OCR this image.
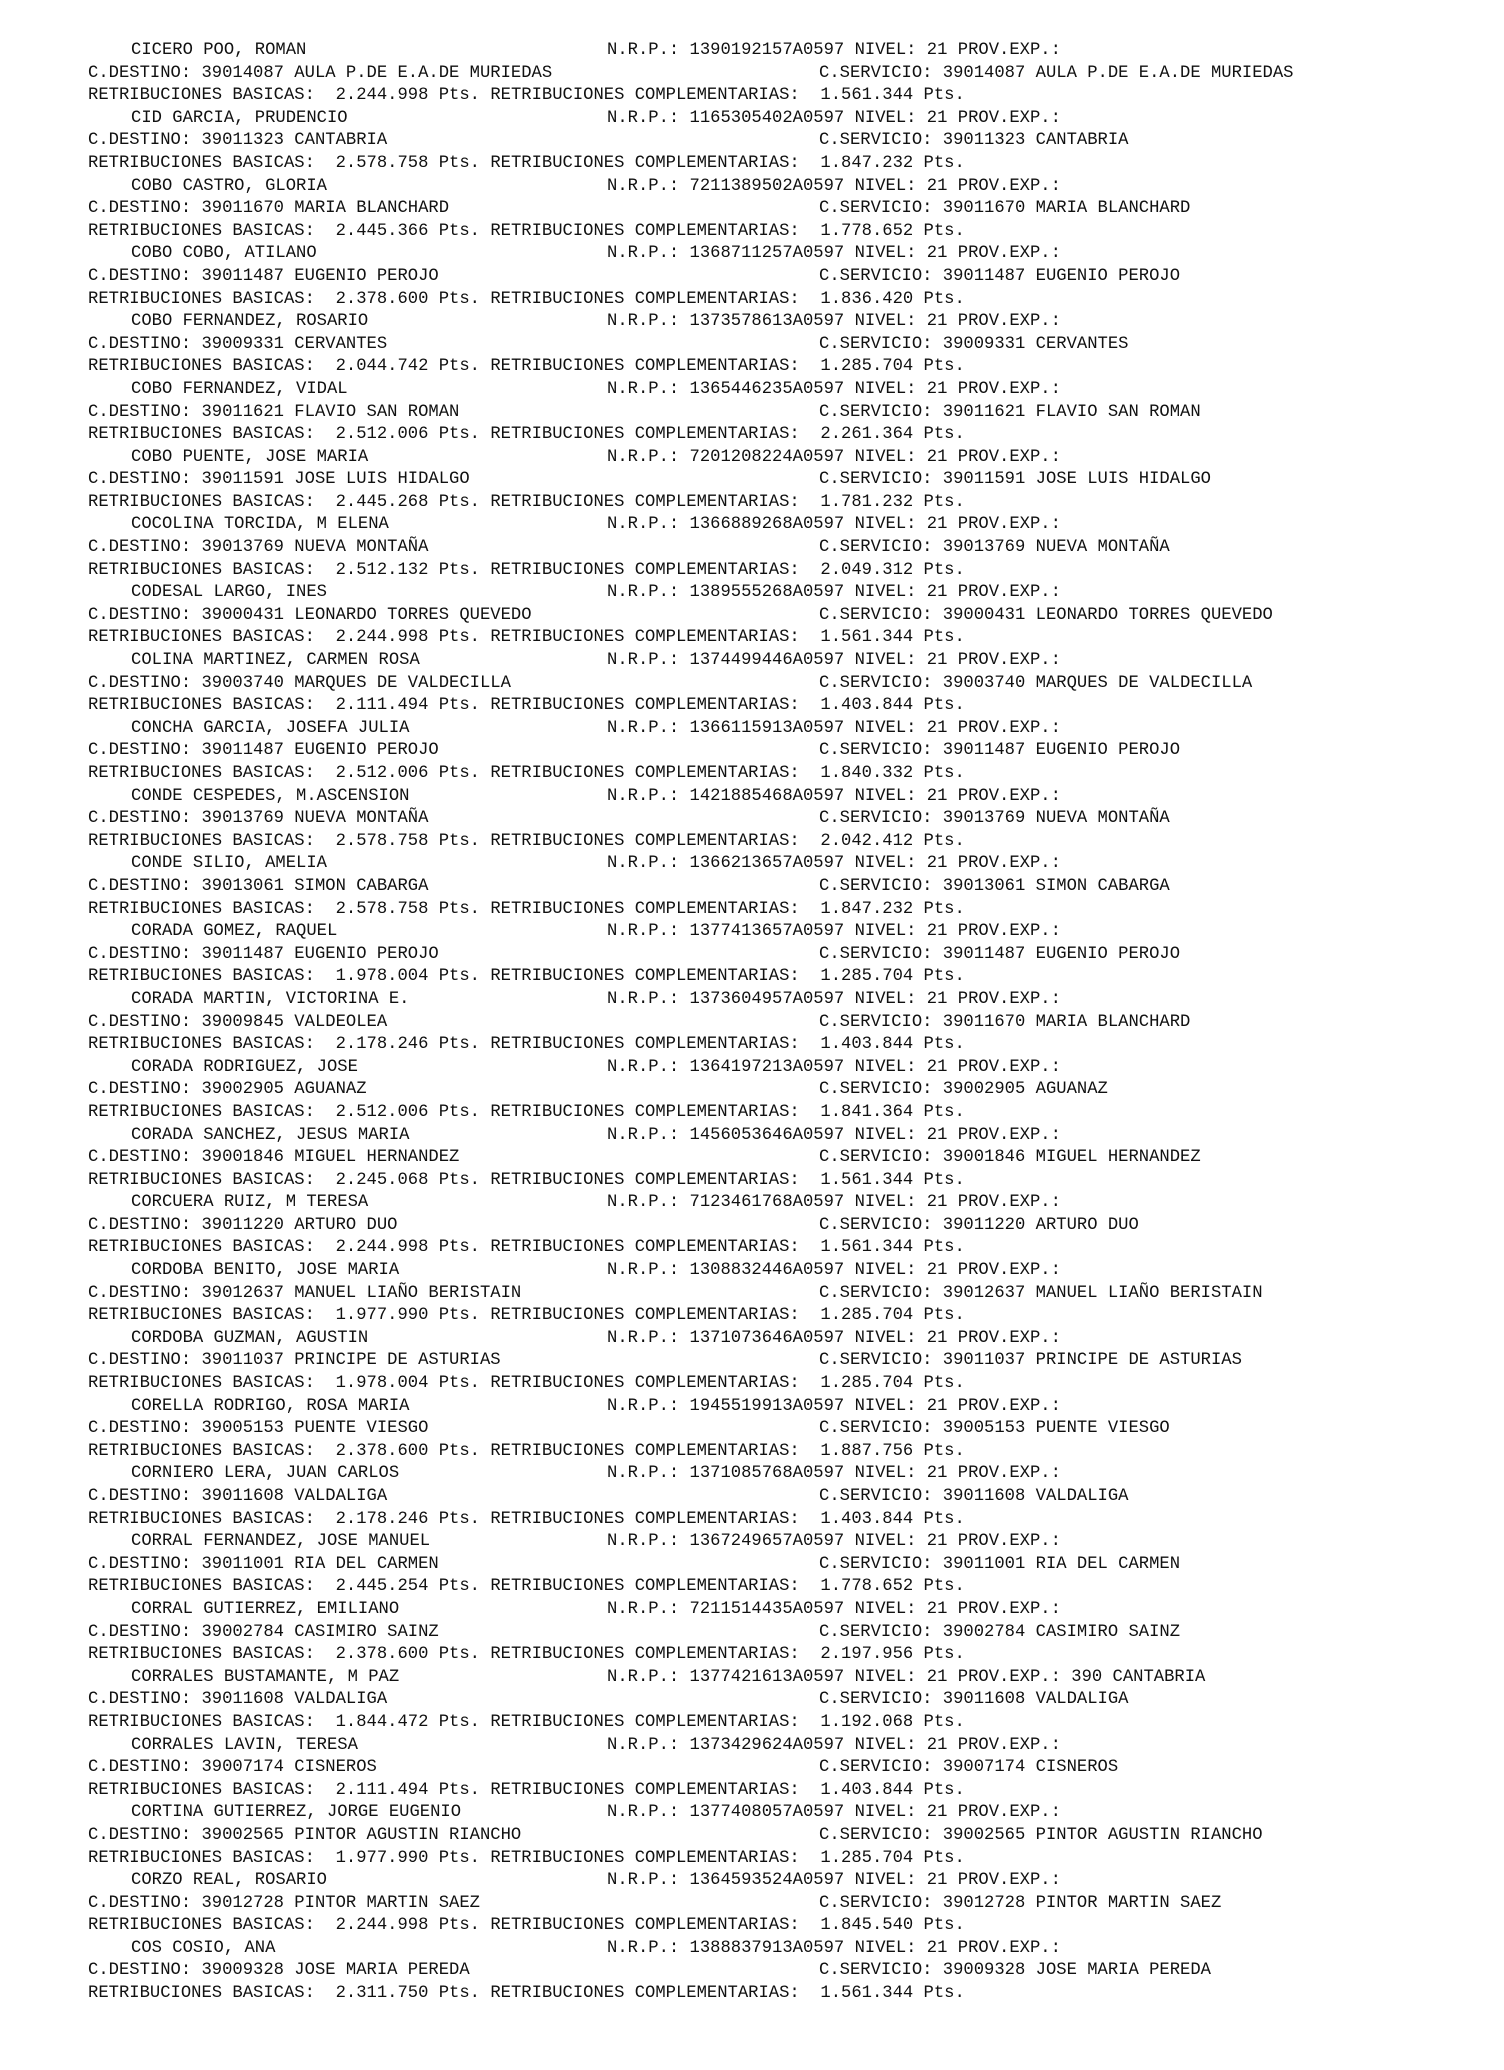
CICERO POO, ROMAN	N.R.P.: 1390192157A0597 NIVEL: 21 PROV.EXP.:
C.DESTINO: 39014087 AULA P.DE E.A.DE MURIEDAS	C.SERVICIO: 39014087 AULA P.DE E.A.DE MURIEDAS
RETRIBUCIONES BASICAS: 2.244.998 Pts. RETRIBUCIONES COMPLEMENTARIAS: 1.561.344 Pts.
CID GARCIA, PRUDENCIO	N.R.P.: 1165305402A0597 NIVEL: 21 PROV.EXP.:
C.DESTINO: 39011323 CANTABRIA	C.SERVICIO: 39011323 CANTABRIA
RETRIBUCIONES BASICAS: 2.578.758 Pts. RETRIBUCIONES COMPLEMENTARIAS: 1.847.232 Pts.
COBO CASTRO, GLORIA	N.R.P.: 7211389502A0597 NIVEL: 21 PROV.EXP.:
C.DESTINO: 39011670 MARIA BLANCHARD	C.SERVICIO: 39011670 MARIA BLANCHARD
RETRIBUCIONES BASICAS: 2.445.366 Pts. RETRIBUCIONES COMPLEMENTARIAS: 1.778.652 Pts.
COBO COBO, ATILANO	N.R.P.: 1368711257A0597 NIVEL: 21 PROV.EXP.:
C.DESTINO: 39011487 EUGENIO PEROJO	C.SERVICIO: 39011487 EUGENIO PEROJO
RETRIBUCIONES BASICAS: 2.378.600 Pts. RETRIBUCIONES COMPLEMENTARIAS: 1.836.420 Pts.
COBO FERNANDEZ, ROSARIO	N.R.P.: 1373578613A0597 NIVEL: 21 PROV.EXP.:
C.DESTINO: 39009331 CERVANTES	C.SERVICIO: 39009331 CERVANTES
RETRIBUCIONES BASICAS: 2.044.742 Pts. RETRIBUCIONES COMPLEMENTARIAS: 1.285.704 Pts.
COBO FERNANDEZ, VIDAL	N.R.P.: 1365446235A0597 NIVEL: 21 PROV.EXP.:
C.DESTINO: 39011621 FLAVIO SAN ROMAN	C.SERVICIO: 39011621 FLAVIO SAN ROMAN
RETRIBUCIONES BASICAS: 2.512.006 Pts. RETRIBUCIONES COMPLEMENTARIAS: 2.261.364 Pts.
COBO PUENTE, JOSE MARIA	N.R.P.: 7201208224A0597 NIVEL: 21 PROV.EXP.:
C.DESTINO: 39011591 JOSE LUIS HIDALGO	C.SERVICIO: 39011591 JOSE LUIS HIDALGO
RETRIBUCIONES BASICAS: 2.445.268 Pts. RETRIBUCIONES COMPLEMENTARIAS: 1.781.232 Pts.
COCOLINA TORCIDA, M ELENA	N.R.P.: 1366889268A0597 NIVEL: 21 PROV.EXP.:
C.DESTINO: 39013769 NUEVA MONTAÑA	C.SERVICIO: 39013769 NUEVA MONTAÑA
RETRIBUCIONES BASICAS: 2.512.132 Pts. RETRIBUCIONES COMPLEMENTARIAS: 2.049.312 Pts.
CODESAL LARGO, INES	N.R.P.: 1389555268A0597 NIVEL: 21 PROV.EXP.:
C.DESTINO: 39000431 LEONARDO TORRES QUEVEDO	C.SERVICIO: 39000431 LEONARDO TORRES QUEVEDO
RETRIBUCIONES BASICAS: 2.244.998 Pts. RETRIBUCIONES COMPLEMENTARIAS: 1.561.344 Pts.
COLINA MARTINEZ, CARMEN ROSA	N.R.P.: 1374499446A0597 NIVEL: 21 PROV.EXP.:
C.DESTINO: 39003740 MARQUES DE VALDECILLA	C.SERVICIO: 39003740 MARQUES DE VALDECILLA
RETRIBUCIONES BASICAS: 2.111.494 Pts. RETRIBUCIONES COMPLEMENTARIAS: 1.403.844 Pts.
CONCHA GARCIA, JOSEFA JULIA	N.R.P.: 1366115913A0597 NIVEL: 21 PROV.EXP.:
C.DESTINO: 39011487 EUGENIO PEROJO	C.SERVICIO: 39011487 EUGENIO PEROJO
RETRIBUCIONES BASICAS: 2.512.006 Pts. RETRIBUCIONES COMPLEMENTARIAS: 1.840.332 Pts.
CONDE CESPEDES, M.ASCENSION	N.R.P.: 1421885468A0597 NIVEL: 21 PROV.EXP.:
C.DESTINO: 39013769 NUEVA MONTAÑA	C.SERVICIO: 39013769 NUEVA MONTAÑA
RETRIBUCIONES BASICAS: 2.578.758 Pts. RETRIBUCIONES COMPLEMENTARIAS: 2.042.412 Pts.
CONDE SILIO, AMELIA	N.R.P.: 1366213657A0597 NIVEL: 21 PROV.EXP.:
C.DESTINO: 39013061 SIMON CABARGA	C.SERVICIO: 39013061 SIMON CABARGA
RETRIBUCIONES BASICAS: 2.578.758 Pts. RETRIBUCIONES COMPLEMENTARIAS: 1.847.232 Pts.
CORADA GOMEZ, RAQUEL	N.R.P.: 1377413657A0597 NIVEL: 21 PROV.EXP.:
C.DESTINO: 39011487 EUGENIO PEROJO	C.SERVICIO: 39011487 EUGENIO PEROJO
RETRIBUCIONES BASICAS: 1.978.004 Pts. RETRIBUCIONES COMPLEMENTARIAS: 1.285.704 Pts.
CORADA MARTIN, VICTORINA E.	N.R.P.: 1373604957A0597 NIVEL: 21 PROV.EXP.:
C.DESTINO: 39009845 VALDEOLEA	C.SERVICIO: 39011670 MARIA BLANCHARD
RETRIBUCIONES BASICAS: 2.178.246 Pts. RETRIBUCIONES COMPLEMENTARIAS: 1.403.844 Pts.
CORADA RODRIGUEZ, JOSE	N.R.P.: 1364197213A0597 NIVEL: 21 PROV.EXP.:
C.DESTINO: 39002905 AGUANAZ	C.SERVICIO: 39002905 AGUANAZ
RETRIBUCIONES BASICAS: 2.512.006 Pts. RETRIBUCIONES COMPLEMENTARIAS: 1.841.364 Pts.
CORADA SANCHEZ, JESUS MARIA	N.R.P.: 1456053646A0597 NIVEL: 21 PROV.EXP.:
C.DESTINO: 39001846 MIGUEL HERNANDEZ	C.SERVICIO: 39001846 MIGUEL HERNANDEZ
RETRIBUCIONES BASICAS: 2.245.068 Pts. RETRIBUCIONES COMPLEMENTARIAS: 1.561.344 Pts.
CORCUERA RUIZ, M TERESA	N.R.P.: 7123461768A0597 NIVEL: 21 PROV.EXP.:
C.DESTINO: 39011220 ARTURO DUO	C.SERVICIO: 39011220 ARTURO DUO
RETRIBUCIONES BASICAS: 2.244.998 Pts. RETRIBUCIONES COMPLEMENTARIAS: 1.561.344 Pts.
CORDOBA BENITO, JOSE MARIA	N.R.P.: 1308832446A0597 NIVEL: 21 PROV.EXP.:
C.DESTINO: 39012637 MANUEL LIAÑO BERISTAIN	C.SERVICIO: 39012637 MANUEL LIAÑO BERISTAIN
RETRIBUCIONES BASICAS: 1.977.990 Pts. RETRIBUCIONES COMPLEMENTARIAS: 1.285.704 Pts.
CORDOBA GUZMAN, AGUSTIN	N.R.P.: 1371073646A0597 NIVEL: 21 PROV.EXP.:
C.DESTINO: 39011037 PRINCIPE DE ASTURIAS	C.SERVICIO: 39011037 PRINCIPE DE ASTURIAS
RETRIBUCIONES BASICAS: 1.978.004 Pts. RETRIBUCIONES COMPLEMENTARIAS: 1.285.704 Pts.
CORELLA RODRIGO, ROSA MARIA	N.R.P.: 1945519913A0597 NIVEL: 21 PROV.EXP.:
C.DESTINO: 39005153 PUENTE VIESGO	C.SERVICIO: 39005153 PUENTE VIESGO
RETRIBUCIONES BASICAS: 2.378.600 Pts. RETRIBUCIONES COMPLEMENTARIAS: 1.887.756 Pts.
CORNIERO LERA, JUAN CARLOS	N.R.P.: 1371085768A0597 NIVEL: 21 PROV.EXP.:
C.DESTINO: 39011608 VALDALIGA	C.SERVICIO: 39011608 VALDALIGA
RETRIBUCIONES BASICAS: 2.178.246 Pts. RETRIBUCIONES COMPLEMENTARIAS: 1.403.844 Pts.
CORRAL FERNANDEZ, JOSE MANUEL	N.R.P.: 1367249657A0597 NIVEL: 21 PROV.EXP.:
C.DESTINO: 39011001 RIA DEL CARMEN	C.SERVICIO: 39011001 RIA DEL CARMEN
RETRIBUCIONES BASICAS: 2.445.254 Pts. RETRIBUCIONES COMPLEMENTARIAS: 1.778.652 Pts.
CORRAL GUTIERREZ, EMILIANO	N.R.P.: 7211514435A0597 NIVEL: 21 PROV.EXP.:
C.DESTINO: 39002784 CASIMIRO SAINZ	C.SERVICIO: 39002784 CASIMIRO SAINZ
RETRIBUCIONES BASICAS: 2.378.600 Pts. RETRIBUCIONES COMPLEMENTARIAS: 2.197.956 Pts.
CORRALES BUSTAMANTE, M PAZ	N.R.P.: 1377421613A0597 NIVEL: 21 PROV.EXP.: 390 CANTABRIA
C.DESTINO: 39011608 VALDALIGA	C.SERVICIO: 39011608 VALDALIGA
RETRIBUCIONES BASICAS: 1.844.472 Pts. RETRIBUCIONES COMPLEMENTARIAS: 1.192.068 Pts.
CORRALES LAVIN, TERESA	N.R.P.: 1373429624A0597 NIVEL: 21 PROV.EXP.:
C.DESTINO: 39007174 CISNEROS	C.SERVICIO: 39007174 CISNEROS
RETRIBUCIONES BASICAS: 2.111.494 Pts. RETRIBUCIONES COMPLEMENTARIAS: 1.403.844 Pts.
CORTINA GUTIERREZ, JORGE EUGENIO	N.R.P.: 1377408057A0597 NIVEL: 21 PROV.EXP.:
C.DESTINO: 39002565 PINTOR AGUSTIN RIANCHO	C.SERVICIO: 39002565 PINTOR AGUSTIN RIANCHO
RETRIBUCIONES BASICAS: 1.977.990 Pts. RETRIBUCIONES COMPLEMENTARIAS: 1.285.704 Pts.
CORZO REAL, ROSARIO	N.R.P.: 1364593524A0597 NIVEL: 21 PROV.EXP.:
C.DESTINO: 39012728 PINTOR MARTIN SAEZ	C.SERVICIO: 39012728 PINTOR MARTIN SAEZ
RETRIBUCIONES BASICAS: 2.244.998 Pts. RETRIBUCIONES COMPLEMENTARIAS: 1.845.540 Pts.
COS COSIO, ANA	N.R.P.: 1388837913A0597 NIVEL: 21 PROV.EXP.:
C.DESTINO: 39009328 JOSE MARIA PEREDA	C.SERVICIO: 39009328 JOSE MARIA PEREDA
RETRIBUCIONES BASICAS: 2.311.750 Pts. RETRIBUCIONES COMPLEMENTARIAS: 1.561.344 Pts.
